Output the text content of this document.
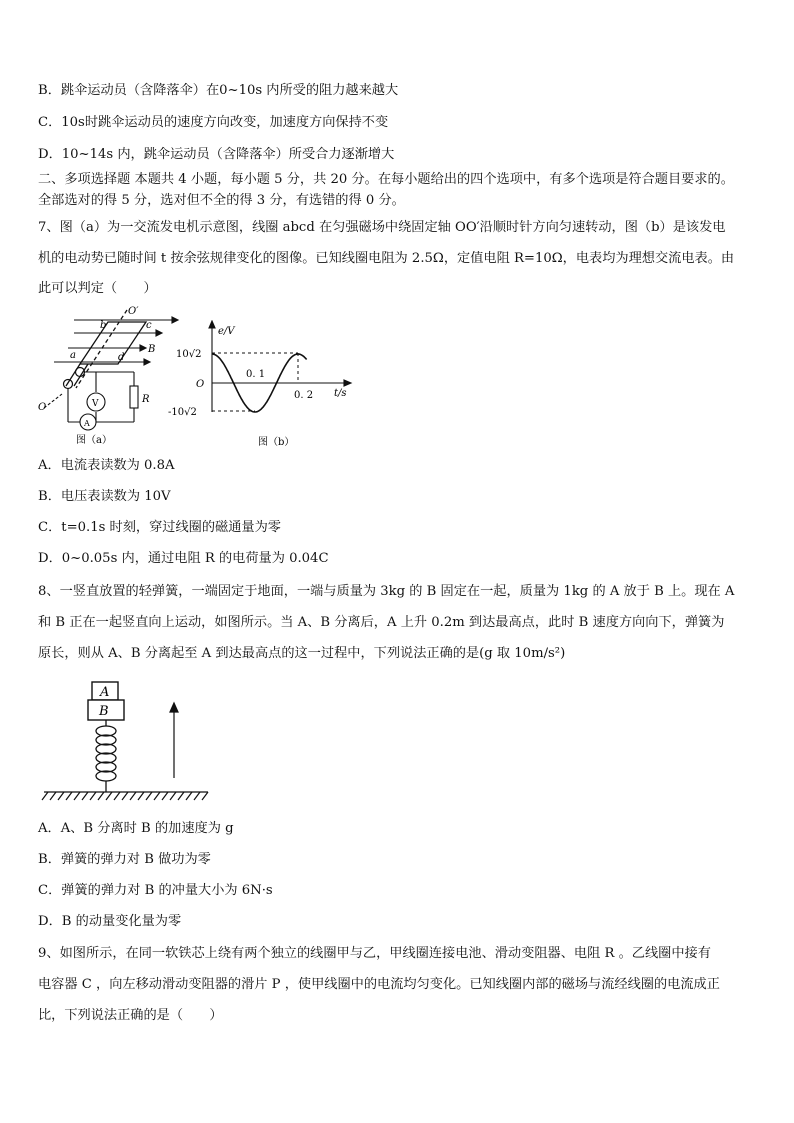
B．跳伞运动员（含降落伞）在0~10s 内所受的阻力越来越大
C．10s时跳伞运动员的速度方向改变，加速度方向保持不变
D．10~14s 内，跳伞运动员（含降落伞）所受合力逐渐增大
二、多项选择题 本题共 4 小题，每小题 5 分，共 20 分。在每小题给出的四个选项中，有多个选项是符合题目要求的。
全部选对的得 5 分，选对但不全的得 3 分，有选错的得 0 分。
7、图（a）为一交流发电机示意图，线圈 abcd 在匀强磁场中绕固定轴 OO′沿顺时针方向匀速转动，图（b）是该发电
机的电动势已随时间 t 按余弦规律变化的图像。已知线圈电阻为 2.5Ω，定值电阻 R=10Ω，电表均为理想交流电表。由
此可以判定（　　）
O′
b	c
a	d
B
O
A
V	R
图（a）
e/V
10√2
-10√2
O
0. 1
0. 2 t/s
图（b）
A．电流表读数为 0.8A
B．电压表读数为 10V
C．t=0.1s 时刻，穿过线圈的磁通量为零
D．0~0.05s 内，通过电阻 R 的电荷量为 0.04C
8、一竖直放置的轻弹簧，一端固定于地面，一端与质量为 3kg 的 B 固定在一起，质量为 1kg 的 A 放于 B 上。现在 A
和 B 正在一起竖直向上运动，如图所示。当 A、B 分离后，A 上升 0.2m 到达最高点，此时 B 速度方向向下，弹簧为
原长，则从 A、B 分离起至 A 到达最高点的这一过程中，下列说法正确的是(g 取 10m/s²)
A
B
A．A、B 分离时 B 的加速度为 g
B．弹簧的弹力对 B 做功为零
C．弹簧的弹力对 B 的冲量大小为 6N·s
D．B 的动量变化量为零
9、如图所示，在同一软铁芯上绕有两个独立的线圈甲与乙，甲线圈连接电池、滑动变阻器、电阻 R 。乙线圈中接有
电容器 C ，向左移动滑动变阻器的滑片 P ，使甲线圈中的电流均匀变化。已知线圈内部的磁场与流经线圈的电流成正
比，下列说法正确的是（　　）
